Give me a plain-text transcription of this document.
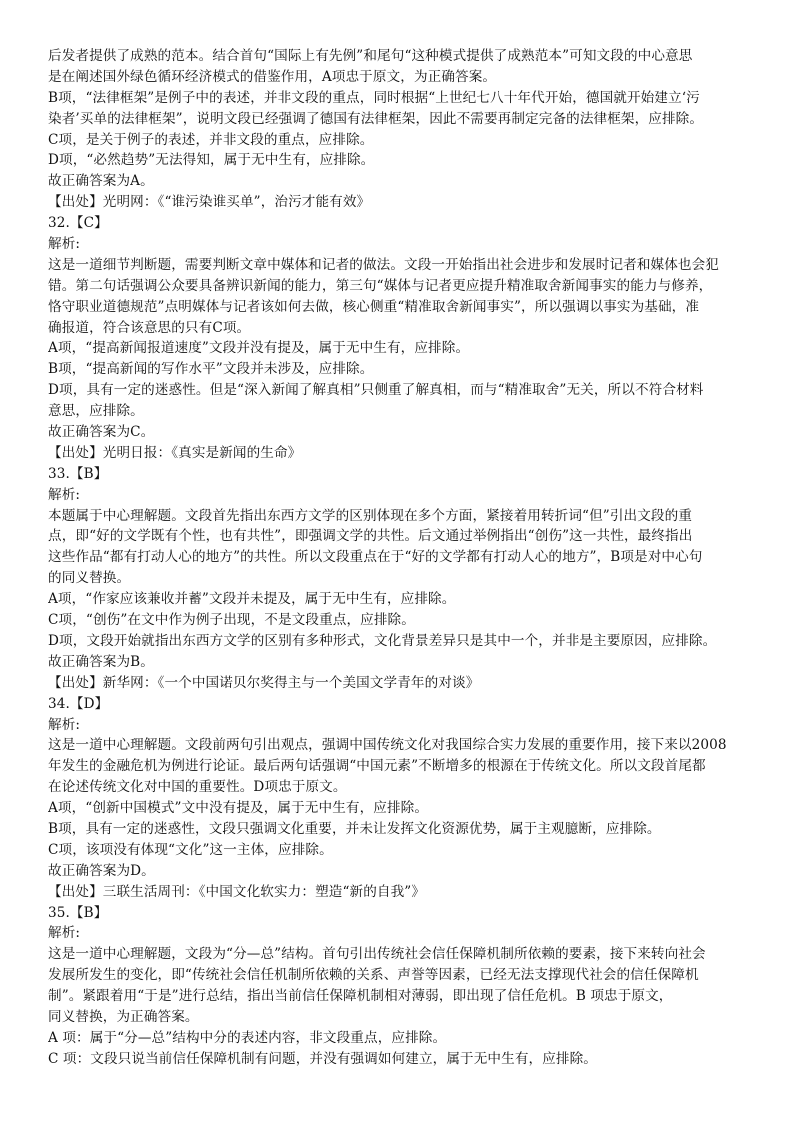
后发者提供了成熟的范本。结合首句“国际上有先例”和尾句“这种模式提供了成熟范本”可知文段的中心意思
是在阐述国外绿色循环经济模式的借鉴作用，A项忠于原文，为正确答案。
B项，“法律框架”是例子中的表述，并非文段的重点，同时根据“上世纪七八十年代开始，德国就开始建立‘污
染者’买单的法律框架”，说明文段已经强调了德国有法律框架，因此不需要再制定完备的法律框架，应排除。
C项，是关于例子的表述，并非文段的重点，应排除。
D项，“必然趋势”无法得知，属于无中生有，应排除。
故正确答案为A。
【出处】光明网：《“谁污染谁买单”，治污才能有效》
32.【C】
解析:
这是一道细节判断题，需要判断文章中媒体和记者的做法。文段一开始指出社会进步和发展时记者和媒体也会犯
错。第二句话强调公众要具备辨识新闻的能力，第三句“媒体与记者更应提升精准取舍新闻事实的能力与修养，
恪守职业道德规范”点明媒体与记者该如何去做，核心侧重“精准取舍新闻事实”，所以强调以事实为基础，准
确报道，符合该意思的只有C项。
A项，“提高新闻报道速度”文段并没有提及，属于无中生有，应排除。
B项，“提高新闻的写作水平”文段并未涉及，应排除。
D项，具有一定的迷惑性。但是“深入新闻了解真相”只侧重了解真相，而与“精准取舍”无关，所以不符合材料
意思，应排除。
故正确答案为C。
【出处】光明日报：《真实是新闻的生命》
33.【B】
解析:
本题属于中心理解题。文段首先指出东西方文学的区别体现在多个方面，紧接着用转折词“但”引出文段的重
点，即“好的文学既有个性，也有共性”，即强调文学的共性。后文通过举例指出“创伤”这一共性，最终指出
这些作品“都有打动人心的地方”的共性。所以文段重点在于“好的文学都有打动人心的地方”，B项是对中心句
的同义替换。
A项，“作家应该兼收并蓄”文段并未提及，属于无中生有，应排除。
C项，“创伤”在文中作为例子出现，不是文段重点，应排除。
D项，文段开始就指出东西方文学的区别有多种形式，文化背景差异只是其中一个，并非是主要原因，应排除。
故正确答案为B。
【出处】新华网：《一个中国诺贝尔奖得主与一个美国文学青年的对谈》
34.【D】
解析:
这是一道中心理解题。文段前两句引出观点，强调中国传统文化对我国综合实力发展的重要作用，接下来以2008
年发生的金融危机为例进行论证。最后两句话强调“中国元素”不断增多的根源在于传统文化。所以文段首尾都
在论述传统文化对中国的重要性。D项忠于原文。
A项，“创新中国模式”文中没有提及，属于无中生有，应排除。
B项，具有一定的迷惑性，文段只强调文化重要，并未让发挥文化资源优势，属于主观臆断，应排除。
C项，该项没有体现“文化”这一主体，应排除。
故正确答案为D。
【出处】三联生活周刊：《中国文化软实力：塑造“新的自我”》
35.【B】
解析:
这是一道中心理解题，文段为“分—总”结构。首句引出传统社会信任保障机制所依赖的要素，接下来转向社会
发展所发生的变化，即“传统社会信任机制所依赖的关系、声誉等因素，已经无法支撑现代社会的信任保障机
制”。紧跟着用“于是”进行总结，指出当前信任保障机制相对薄弱，即出现了信任危机。B 项忠于原文，
同义替换，为正确答案。
A 项：属于“分—总”结构中分的表述内容，非文段重点，应排除。
C 项：文段只说当前信任保障机制有问题，并没有强调如何建立，属于无中生有，应排除。
